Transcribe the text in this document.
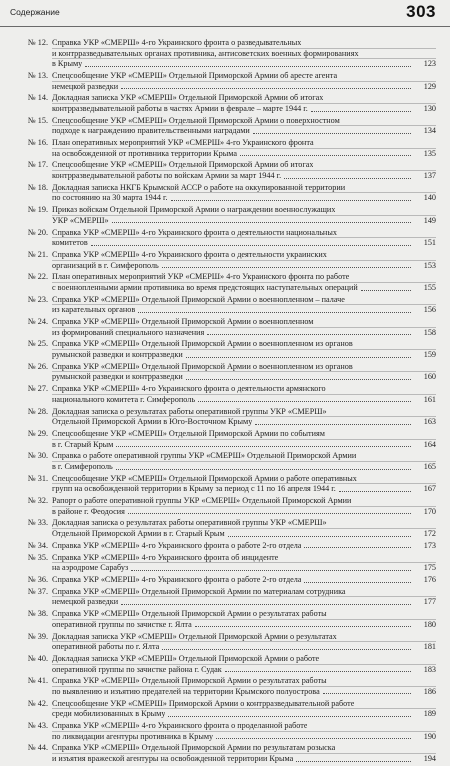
Содержание	303
№ 12. Справка УКР «СМЕРШ» 4-го Украинского фронта о разведывательных
и контрразведывательных органах противника, антисоветских военных формированиях
в Крыму	123
№ 13. Спецсообщение УКР «СМЕРШ» Отдельной Приморской Армии об аресте агента
немецкой разведки	129
№ 14. Докладная записка УКР «СМЕРШ» Отдельной Приморской Армии об итогах
контрразведывательной работы в частях Армии в феврале – марте 1944 г.	130
№ 15. Спецсообщение УКР «СМЕРШ» Отдельной Приморской Армии о поверхностном
подходе к награждению правительственными наградами	134
№ 16. План оперативных мероприятий УКР «СМЕРШ» 4-го Украинского фронта
на освобожденной от противника территории Крыма	135
№ 17. Спецсообщение УКР «СМЕРШ» Отдельной Приморской Армии об итогах
контрразведывательной работы по войскам Армии за март 1944 г.	137
№ 18. Докладная записка НКГБ Крымской АССР о работе на оккупированной территории
по состоянию на 30 марта 1944 г.	140
№ 19. Приказ войскам Отдельной Приморской Армии о награждении военнослужащих
УКР «СМЕРШ»	149
№ 20. Справка УКР «СМЕРШ» 4-го Украинского фронта о деятельности национальных
комитетов	151
№ 21. Справка УКР «СМЕРШ» 4-го Украинского фронта о деятельности украинских
организаций в г. Симферополь	153
№ 22. План оперативных мероприятий УКР «СМЕРШ» 4-го Украинского фронта по работе
с военнопленными армии противника во время предстоящих наступательных операций	155
№ 23. Справка УКР «СМЕРШ» Отдельной Приморской Армии о военнопленном – палаче
из карательных органов	156
№ 24. Справка УКР «СМЕРШ» Отдельной Приморской Армии о военнопленном
из формирований специального назначения	158
№ 25. Справка УКР «СМЕРШ» Отдельной Приморской Армии о военнопленном из органов
румынской разведки и контрразведки	159
№ 26. Справка УКР «СМЕРШ» Отдельной Приморской Армии о военнопленном из органов
румынской разведки и контрразведки	160
№ 27. Справка УКР «СМЕРШ» 4-го Украинского фронта о деятельности армянского
национального комитета г. Симферополь	161
№ 28. Докладная записка о результатах работы оперативной группы УКР «СМЕРШ»
Отдельной Приморской Армии в Юго-Восточном Крыму	163
№ 29. Спецсообщение УКР «СМЕРШ» Отдельной Приморской Армии по событиям
в г. Старый Крым	164
№ 30. Справка о работе оперативной группы УКР «СМЕРШ» Отдельной Приморской Армии
в г. Симферополь	165
№ 31. Спецсообщение УКР «СМЕРШ» Отдельной Приморской Армии о работе оперативных
групп на освобожденной территории в Крыму за период с 11 по 16 апреля 1944 г.	167
№ 32. Рапорт о работе оперативной группы УКР «СМЕРШ» Отдельной Приморской Армии
в районе г. Феодосия	170
№ 33. Докладная записка о результатах работы оперативной группы УКР «СМЕРШ»
Отдельной Приморской Армии в г. Старый Крым	172
№ 34. Справка УКР «СМЕРШ» 4-го Украинского фронта о работе 2-го отдела	173
№ 35. Справка УКР «СМЕРШ» 4-го Украинского фронта об инциденте
на аэродроме Сарабуз	175
№ 36. Справка УКР «СМЕРШ» 4-го Украинского фронта о работе 2-го отдела	176
№ 37. Справка УКР «СМЕРШ» Отдельной Приморской Армии по материалам сотрудника
немецкой разведки	177
№ 38. Справка УКР «СМЕРШ» Отдельной Приморской Армии о результатах работы
оперативной группы по зачистке г. Ялта	180
№ 39. Докладная записка УКР «СМЕРШ» Отдельной Приморской Армии о результатах
оперативной работы по г. Ялта	181
№ 40. Докладная записка УКР «СМЕРШ» Отдельной Приморской Армии о работе
оперативной группы по зачистке района г. Судак	183
№ 41. Справка УКР «СМЕРШ» Отдельной Приморской Армии о результатах работы
по выявлению и изъятию предателей на территории Крымского полуострова	186
№ 42. Спецсообщение УКР «СМЕРШ» Приморской Армии о контрразведывательной работе
среди мобилизованных в Крыму	189
№ 43. Справка УКР «СМЕРШ» 4-го Украинского фронта о проделанной работе
по ликвидации агентуры противника в Крыму	190
№ 44. Справка УКР «СМЕРШ» Отдельной Приморской Армии по результатам розыска
и изъятия вражеской агентуры на освобожденной территории Крыма	194
